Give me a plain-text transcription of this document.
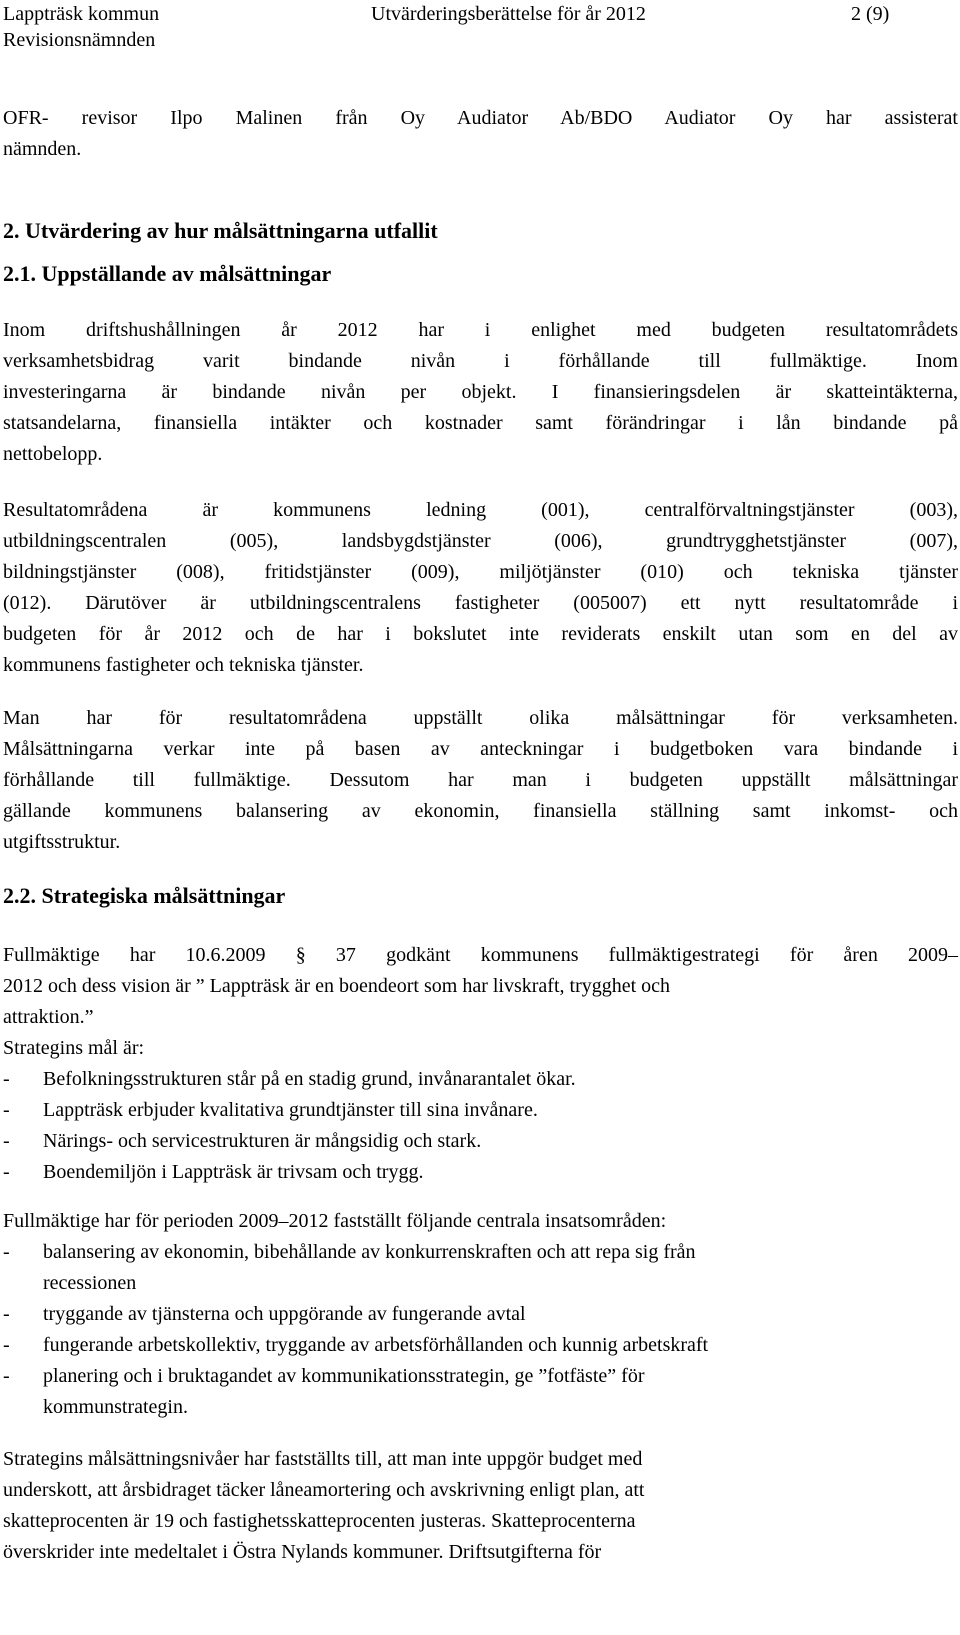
Lappträsk kommun
Revisionsnämnden
Utvärderingsberättelse för år 2012	2 (9)
OFR- revisor Ilpo Malinen från Oy Audiator Ab/BDO Audiator Oy har assisterat
nämnden.
2. Utvärdering av hur målsättningarna utfallit
2.1. Uppställande av målsättningar
Inom driftshushållningen år 2012 har i enlighet med budgeten resultatområdets
verksamhetsbidrag varit bindande nivån i förhållande till fullmäktige. Inom
investeringarna är bindande nivån per objekt. I finansieringsdelen är skatteintäkterna,
statsandelarna, finansiella intäkter och kostnader samt förändringar i lån bindande på
nettobelopp.
Resultatområdena är kommunens ledning (001), centralförvaltningstjänster (003),
utbildningscentralen (005), landsbygdstjänster (006), grundtrygghetstjänster (007),
bildningstjänster (008), fritidstjänster (009), miljötjänster (010) och tekniska tjänster
(012). Därutöver är utbildningscentralens fastigheter (005007) ett nytt resultatområde i
budgeten för år 2012 och de har i bokslutet inte reviderats enskilt utan som en del av
kommunens fastigheter och tekniska tjänster.
Man har för resultatområdena uppställt olika målsättningar för verksamheten.
Målsättningarna verkar inte på basen av anteckningar i budgetboken vara bindande i
förhållande till fullmäktige. Dessutom har man i budgeten uppställt målsättningar
gällande kommunens balansering av ekonomin, finansiella ställning samt inkomst- och
utgiftsstruktur.
2.2. Strategiska målsättningar
Fullmäktige har 10.6.2009 § 37 godkänt kommunens fullmäktigestrategi för åren 2009–
2012 och dess vision är ” Lappträsk är en boendeort som har livskraft, trygghet och
attraktion.”
Strategins mål är:
- Befolkningsstrukturen står på en stadig grund, invånarantalet ökar.
- Lappträsk erbjuder kvalitativa grundtjänster till sina invånare.
- Närings- och servicestrukturen är mångsidig och stark.
- Boendemiljön i Lappträsk är trivsam och trygg.
Fullmäktige har för perioden 2009–2012 fastställt följande centrala insatsområden:
- balansering av ekonomin, bibehållande av konkurrenskraften och att repa sig från
recessionen
- tryggande av tjänsterna och uppgörande av fungerande avtal
- fungerande arbetskollektiv, tryggande av arbetsförhållanden och kunnig arbetskraft
- planering och i bruktagandet av kommunikationsstrategin, ge ”fotfäste” för
kommunstrategin.
Strategins målsättningsnivåer har fastställts till, att man inte uppgör budget med
underskott, att årsbidraget täcker låneamortering och avskrivning enligt plan, att
skatteprocenten är 19 och fastighetsskatteprocenten justeras. Skatteprocenterna
överskrider inte medeltalet i Östra Nylands kommuner. Driftsutgifterna för
